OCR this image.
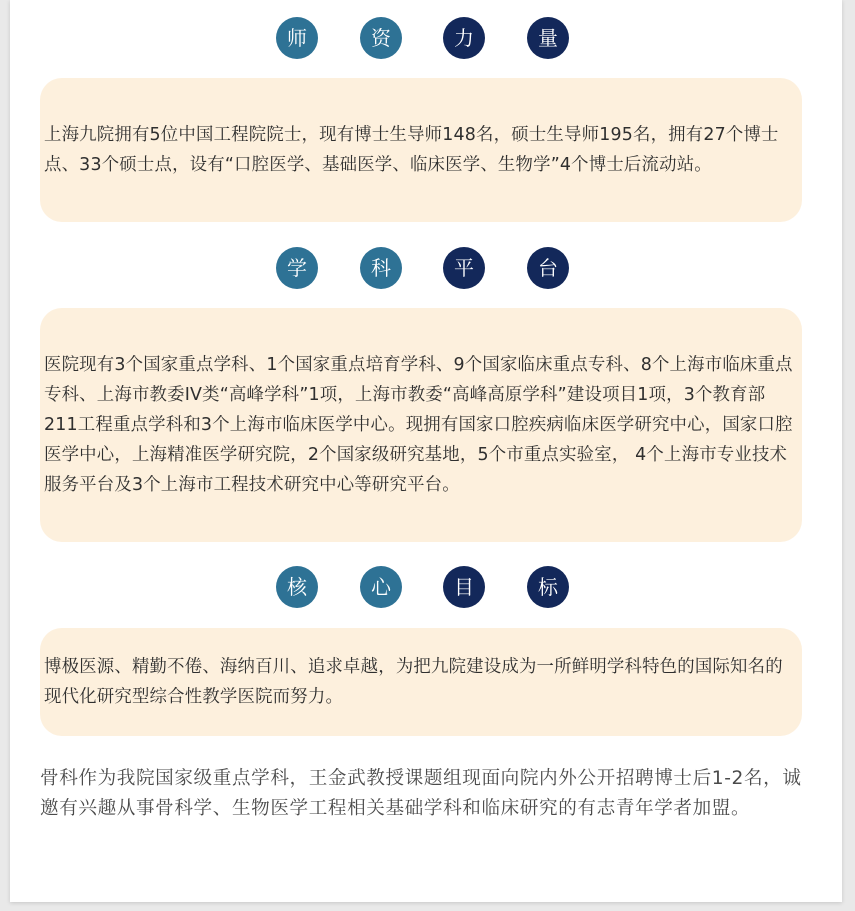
师	资	力	量

上海九院拥有5位中国工程院院士，现有博士生导师148名，硕士生导师195名，拥有27个博士点、33个硕士点，设有“口腔医学、基础医学、临床医学、生物学”4个博士后流动站。

学	科	平	台

医院现有3个国家重点学科、1个国家重点培育学科、9个国家临床重点专科、8个上海市临床重点专科、上海市教委IV类“高峰学科”1项，上海市教委“高峰高原学科”建设项目1项，3个教育部211工程重点学科和3个上海市临床医学中心。现拥有国家口腔疾病临床医学研究中心，国家口腔医学中心，上海精准医学研究院，2个国家级研究基地，5个市重点实验室， 4个上海市专业技术服务平台及3个上海市工程技术研究中心等研究平台。

核	心	目	标

博极医源、精勤不倦、海纳百川、追求卓越，为把九院建设成为一所鲜明学科特色的国际知名的现代化研究型综合性教学医院而努力。

骨科作为我院国家级重点学科，王金武教授课题组现面向院内外公开招聘博士后1-2名，诚邀有兴趣从事骨科学、生物医学工程相关基础学科和临床研究的有志青年学者加盟。
